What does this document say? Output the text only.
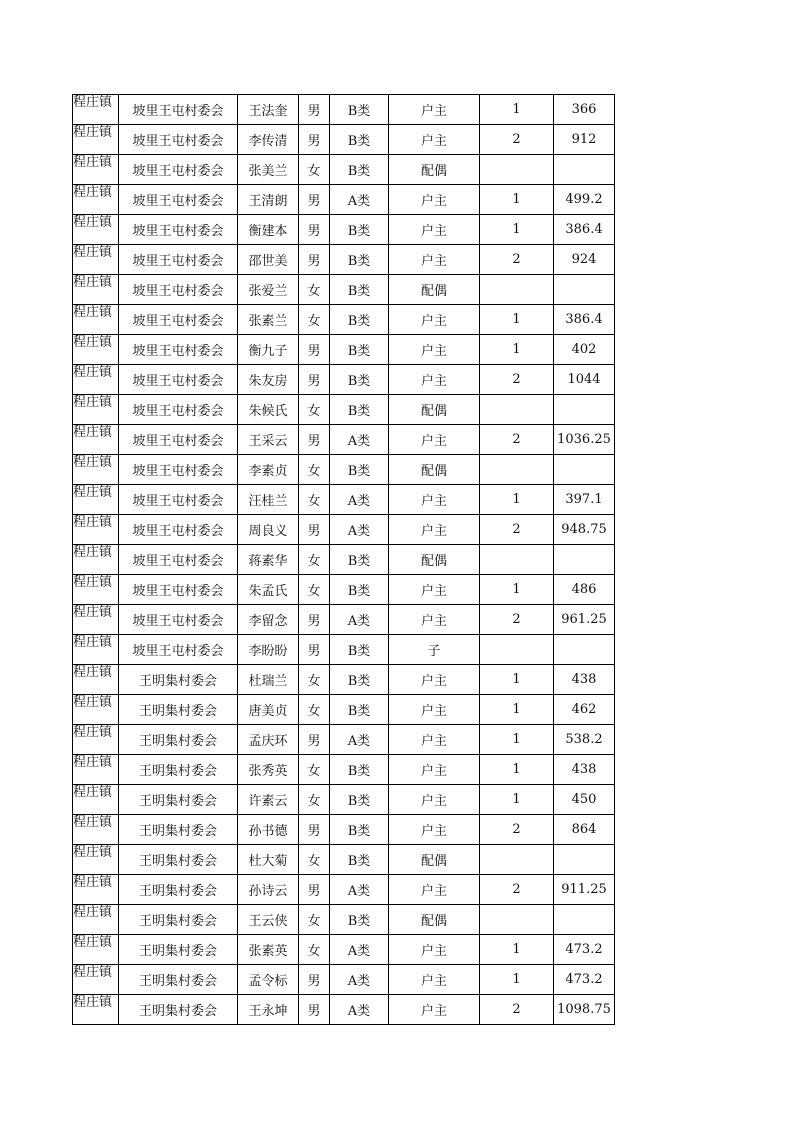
程庄镇	坡里王屯村委会	王法奎	男	B类	户主	1	366

程庄镇	坡里王屯村委会	李传清	男	B类	户主	2	912

程庄镇	坡里王屯村委会	张美兰	女	B类	配偶		

程庄镇	坡里王屯村委会	王清朗	男	A类	户主	1	499.2

程庄镇	坡里王屯村委会	衡建本	男	B类	户主	1	386.4

程庄镇	坡里王屯村委会	邵世美	男	B类	户主	2	924

程庄镇	坡里王屯村委会	张爱兰	女	B类	配偶		

程庄镇	坡里王屯村委会	张素兰	女	B类	户主	1	386.4

程庄镇	坡里王屯村委会	衡九子	男	B类	户主	1	402

程庄镇	坡里王屯村委会	朱友房	男	B类	户主	2	1044

程庄镇	坡里王屯村委会	朱候氏	女	B类	配偶		

程庄镇	坡里王屯村委会	王采云	男	A类	户主	2	1036.25

程庄镇	坡里王屯村委会	李素贞	女	B类	配偶		

程庄镇	坡里王屯村委会	汪桂兰	女	A类	户主	1	397.1

程庄镇	坡里王屯村委会	周良义	男	A类	户主	2	948.75

程庄镇	坡里王屯村委会	蒋素华	女	B类	配偶		

程庄镇	坡里王屯村委会	朱孟氏	女	B类	户主	1	486

程庄镇	坡里王屯村委会	李留念	男	A类	户主	2	961.25

程庄镇	坡里王屯村委会	李盼盼	男	B类	子		

程庄镇	王明集村委会	杜瑞兰	女	B类	户主	1	438

程庄镇	王明集村委会	唐美贞	女	B类	户主	1	462

程庄镇	王明集村委会	孟庆环	男	A类	户主	1	538.2

程庄镇	王明集村委会	张秀英	女	B类	户主	1	438

程庄镇	王明集村委会	许素云	女	B类	户主	1	450

程庄镇	王明集村委会	孙书德	男	B类	户主	2	864

程庄镇	王明集村委会	杜大菊	女	B类	配偶		

程庄镇	王明集村委会	孙诗云	男	A类	户主	2	911.25

程庄镇	王明集村委会	王云侠	女	B类	配偶		

程庄镇	王明集村委会	张素英	女	A类	户主	1	473.2

程庄镇	王明集村委会	孟令标	男	A类	户主	1	473.2

程庄镇	王明集村委会	王永坤	男	A类	户主	2	1098.75
